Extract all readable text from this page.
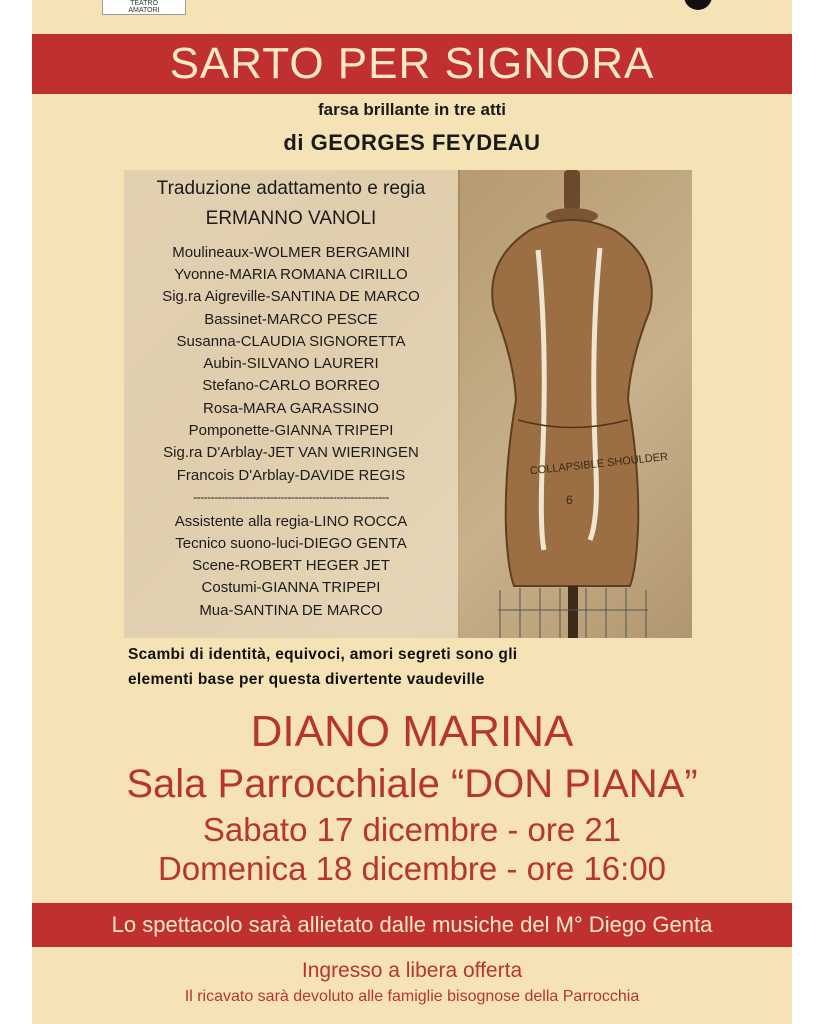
TEATRO
AMATORI
SARTO PER SIGNORA
farsa brillante in tre atti
di GEORGES FEYDEAU
COLLAPSIBLE SHOULDER
6
Traduzione adattamento e regia
ERMANNO VANOLI
Moulineaux-WOLMER BERGAMINI
Yvonne-MARIA ROMANA CIRILLO
Sig.ra Aigreville-SANTINA DE MARCO
Bassinet-MARCO PESCE
Susanna-CLAUDIA SIGNORETTA
Aubin-SILVANO LAURERI
Stefano-CARLO BORREO
Rosa-MARA GARASSINO
Pomponette-GIANNA TRIPEPI
Sig.ra D'Arblay-JET VAN WIERINGEN
Francois D'Arblay-DAVIDE REGIS
--------------------------------------------------------
Assistente alla regia-LINO ROCCA
Tecnico suono-luci-DIEGO GENTA
Scene-ROBERT HEGER JET
Costumi-GIANNA TRIPEPI
Mua-SANTINA DE MARCO
Scambi di identità, equivoci, amori segreti sono gli
elementi base per questa divertente vaudeville
DIANO MARINA
Sala Parrocchiale “DON PIANA”
Sabato 17 dicembre - ore 21
Domenica 18 dicembre - ore 16:00
Lo spettacolo sarà allietato dalle musiche del M° Diego Genta
Ingresso a libera offerta
Il ricavato sarà devoluto alle famiglie bisognose della Parrocchia
